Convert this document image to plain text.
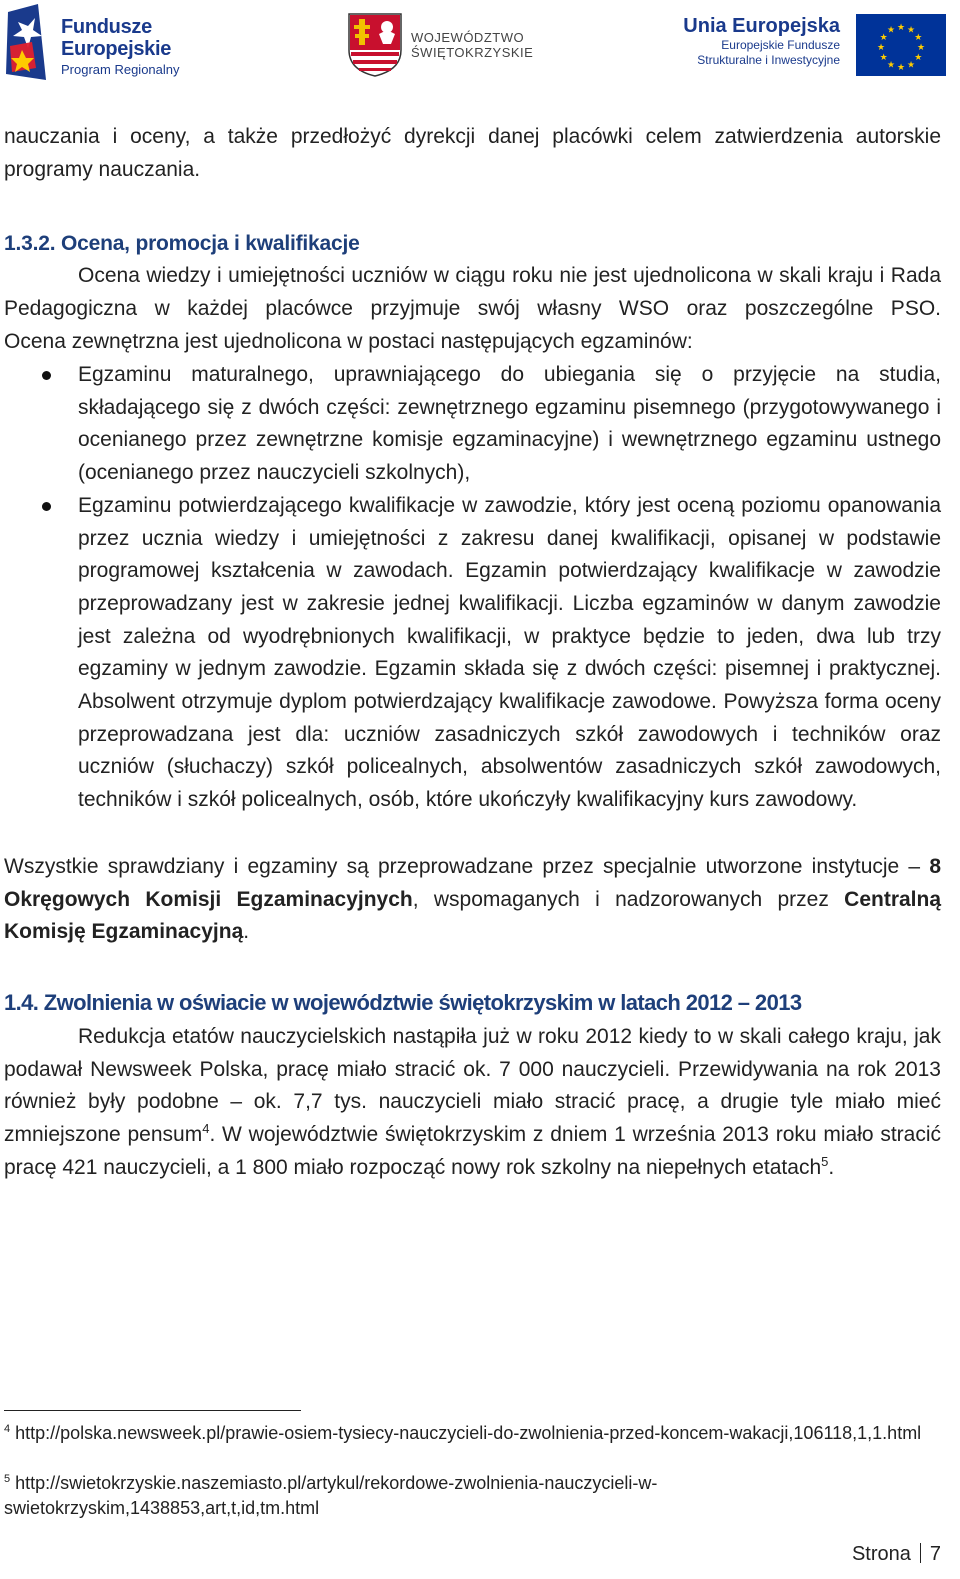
Fundusze
Europejskie
Program Regionalny
WOJEWÓDZTWO
ŚWIĘTOKRZYSKIE
Unia Europejska
Europejskie Fundusze
Strukturalne i Inwestycyjne
★ ★
★
★
★
★
★
★
★
★
★
★

nauczania i oceny, a także przedłożyć dyrekcji danej placówki celem zatwierdzenia autorskie programy nauczania.

1.3.2. Ocena, promocja i kwalifikacje

Ocena wiedzy i umiejętności uczniów w ciągu roku nie jest ujednolicona w skali kraju i Rada Pedagogiczna w każdej placówce przyjmuje swój własny WSO oraz poszczególne PSO.

Ocena zewnętrzna jest ujednolicona w postaci następujących egzaminów:

Egzaminu maturalnego, uprawniającego do ubiegania się o przyjęcie na studia, składającego się z dwóch części: zewnętrznego egzaminu pisemnego (przygotowywanego i ocenianego przez zewnętrzne komisje egzaminacyjne) i wewnętrznego egzaminu ustnego (ocenianego przez nauczycieli szkolnych),
Egzaminu potwierdzającego kwalifikacje w zawodzie, który jest oceną poziomu opanowania przez ucznia wiedzy i umiejętności z zakresu danej kwalifikacji, opisanej w podstawie programowej kształcenia w zawodach. Egzamin potwierdzający kwalifikacje w zawodzie przeprowadzany jest w zakresie jednej kwalifikacji. Liczba egzaminów w danym zawodzie jest zależna od wyodrębnionych kwalifikacji, w praktyce będzie to jeden, dwa lub trzy egzaminy w jednym zawodzie. Egzamin składa się z dwóch części: pisemnej i praktycznej. Absolwent otrzymuje dyplom potwierdzający kwalifikacje zawodowe. Powyższa forma oceny przeprowadzana jest dla: uczniów zasadniczych szkół zawodowych i techników oraz uczniów (słuchaczy) szkół policealnych, absolwentów zasadniczych szkół zawodowych, techników i szkół policealnych, osób, które ukończyły kwalifikacyjny kurs zawodowy.

Wszystkie sprawdziany i egzaminy są przeprowadzane przez specjalnie utworzone instytucje – 8 Okręgowych Komisji Egzaminacyjnych, wspomaganych i nadzorowanych przez Centralną Komisję Egzaminacyjną.

1.4. Zwolnienia w oświacie w województwie świętokrzyskim w latach 2012 – 2013

Redukcja etatów nauczycielskich nastąpiła już w roku 2012 kiedy to w skali całego kraju, jak podawał Newsweek Polska, pracę miało stracić ok. 7 000 nauczycieli. Przewidywania na rok 2013 również były podobne – ok. 7,7 tys. nauczycieli miało stracić pracę, a drugie tyle miało mieć zmniejszone pensum$^4$. W województwie świętokrzyskim z dniem 1 września 2013 roku miało stracić pracę 421 nauczycieli, a 1 800 miało rozpocząć nowy rok szkolny na niepełnych etatach$^5$.

$^4$ http://polska.newsweek.pl/prawie-osiem-tysiecy-nauczycieli-do-zwolnienia-przed-koncem-wakacji,106118,1,1.html

$^5$ http://swietokrzyskie.naszemiasto.pl/artykul/rekordowe-zwolnienia-nauczycieli-w-swietokrzyskim,1438853,art,t,id,tm.html

Strona 7
